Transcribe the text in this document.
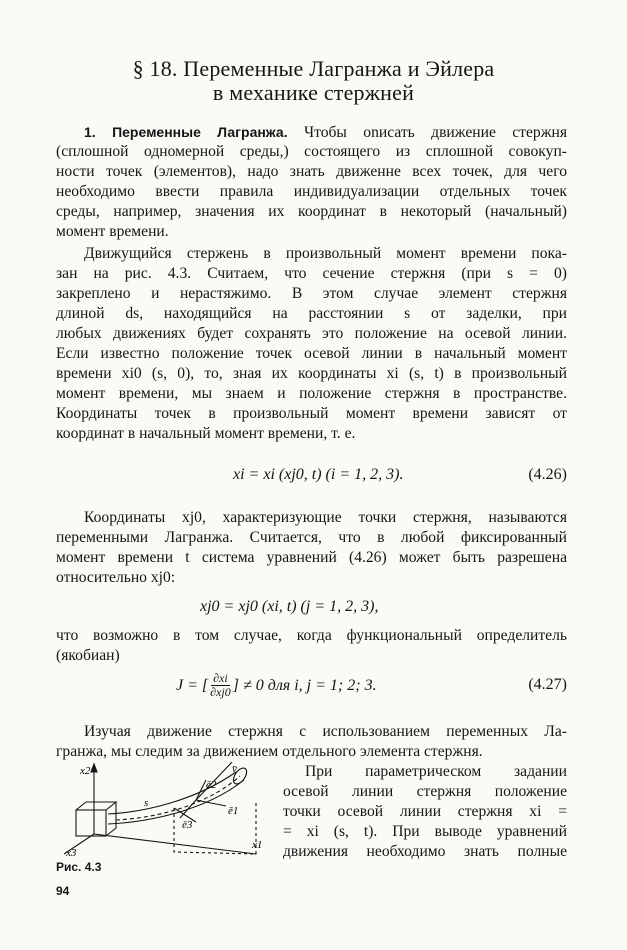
§ 18. Переменные Лагранжа и Эйлера
в механике стержней
1. Переменные Лагранжа. Чтобы оnисать движение стержня
(сплошной одномерной среды,) состоящего из сплошной совокуп-
ности точек (элементов), надо знать движенне всех точек, для чего
необходимо ввести правила индивидуализации отдельных точек
среды, например, значения их координат в некоторый (начальный)
момент времени.
Движущийся стержень в произвольный момент времени пока-
зан на рис. 4.3. Считаем, что сечение стержня (при s = 0)
закреплено и нерастяжимо. В этом случае элемент стержня
длиной ds, находящийся на расстоянии s от заделки, при
любых движениях будет сохранять это положение на осевой линии.
Если известно положение точек осевой линии в начальный момент
времени xi0 (s, 0), то, зная их координаты xi (s, t) в произвольный
момент времени, мы знаем и положение стержня в пространстве.
Координаты точек в произвольный момент времени зависят от
координат в начальный момент времени, т. е.
xi = xi (xj0, t) (i = 1, 2, 3).	(4.26)
Координаты xj0, характеризующие точки стержня, называются
переменными Лагранжа. Считается, что в любой фиксированный
момент времени t система уравнений (4.26) может быть разрешена
относительно xj0:
xj0 = xj0 (xi, t) (j = 1, 2, 3),
что возможно в том случае, когда функциональный определитель
(якобиан)
J = [ $\frac{\partial xi}{\partial xj0}$ ] ≠ 0 для i, j = 1; 2; 3.	(4.27)
Изучая движение стержня с использованием переменных Ла-
гранжа, мы следим за движением отдельного элемента стержня.
x2
x1
x3
v̄
ē2
ē1
ē3
s
Рис. 4.3
При параметрическом задании
осевой линии стержня положение
точки осевой линии стержня xi =
= xi (s, t). При выводе уравнений
движения необходимо знать полные
94
